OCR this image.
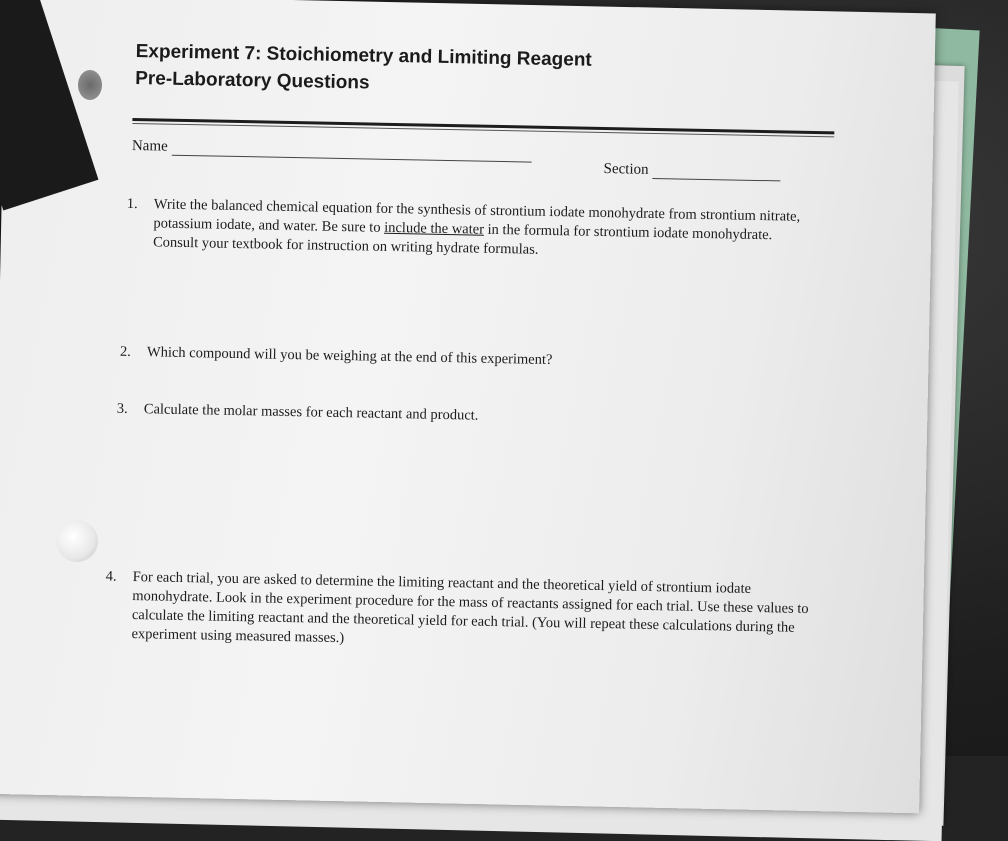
Experiment 7: Stoichiometry and Limiting Reagent

Pre-Laboratory Questions

Name
Section
1. Write the balanced chemical equation for the synthesis of strontium iodate monohydrate from strontium nitrate, potassium iodate, and water. Be sure to include the water in the formula for strontium iodate monohydrate. Consult your textbook for instruction on writing hydrate formulas.
2. Which compound will you be weighing at the end of this experiment?
3. Calculate the molar masses for each reactant and product.
4. For each trial, you are asked to determine the limiting reactant and the theoretical yield of strontium iodate monohydrate. Look in the experiment procedure for the mass of reactants assigned for each trial. Use these values to calculate the limiting reactant and the theoretical yield for each trial. (You will repeat these calculations during the experiment using measured masses.)
